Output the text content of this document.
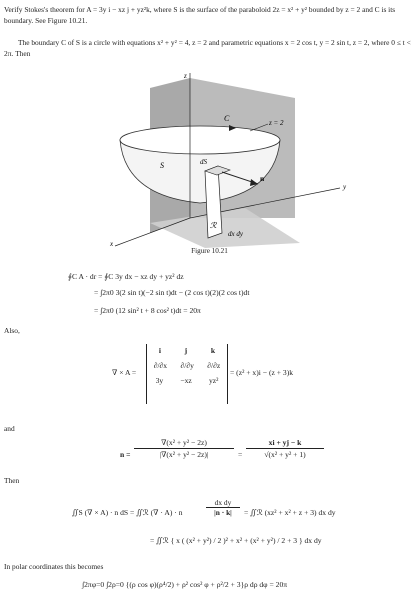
Verify Stokes's theorem for A = 3y i − xz j + yz²k, where S is the surface of the paraboloid 2z = x² + y² bounded by z = 2 and C is its boundary. See Figure 10.21.
The boundary C of S is a circle with equations x² + y² = 4, z = 2 and parametric equations x = 2 cos t, y = 2 sin t, z = 2, where 0 ≤ t < 2π. Then
z
y
x
C	z = 2
S	dS
n
ℛ
dx dy
Figure 10.21
∮C A · dr = ∮C 3y dx − xz dy + yz² dz
= ∫2π0 3(2 sin t)(−2 sin t)dt − (2 cos t)(2)(2 cos t)dt
= ∫2π0 (12 sin² t + 8 cos² t)dt = 20π
Also,
∇ × A =
i	j	k
∂/∂x ∂/∂y ∂/∂z
3y −xz yz²
= (z² + x)i − (z + 3)k
and
$n = \frac{\text{∇(x² + y² − 2z)}}{\text{|∇(x² + y² − 2z)|}} = \frac{xi + yj - k}{\text{√(x² + y² + 1)}}$
Then
∬S (∇ × A) · n dS = ∬ℛ (∇ · A) · n	$\frac{\text{dx dy}}{|n \cdot k|}$ = ∬ℛ (xz² + x² + z + 3) dx dy
= ∬ℛ { x ( (x² + y²) / 2 )² + x² + (x² + y²) / 2 + 3 } dx dy
In polar coordinates this becomes
∫2πφ=0 ∫2ρ=0 {(ρ cos φ)(ρ⁴/2) + ρ² cos² φ + ρ²/2 + 3}ρ dρ dφ = 20π
